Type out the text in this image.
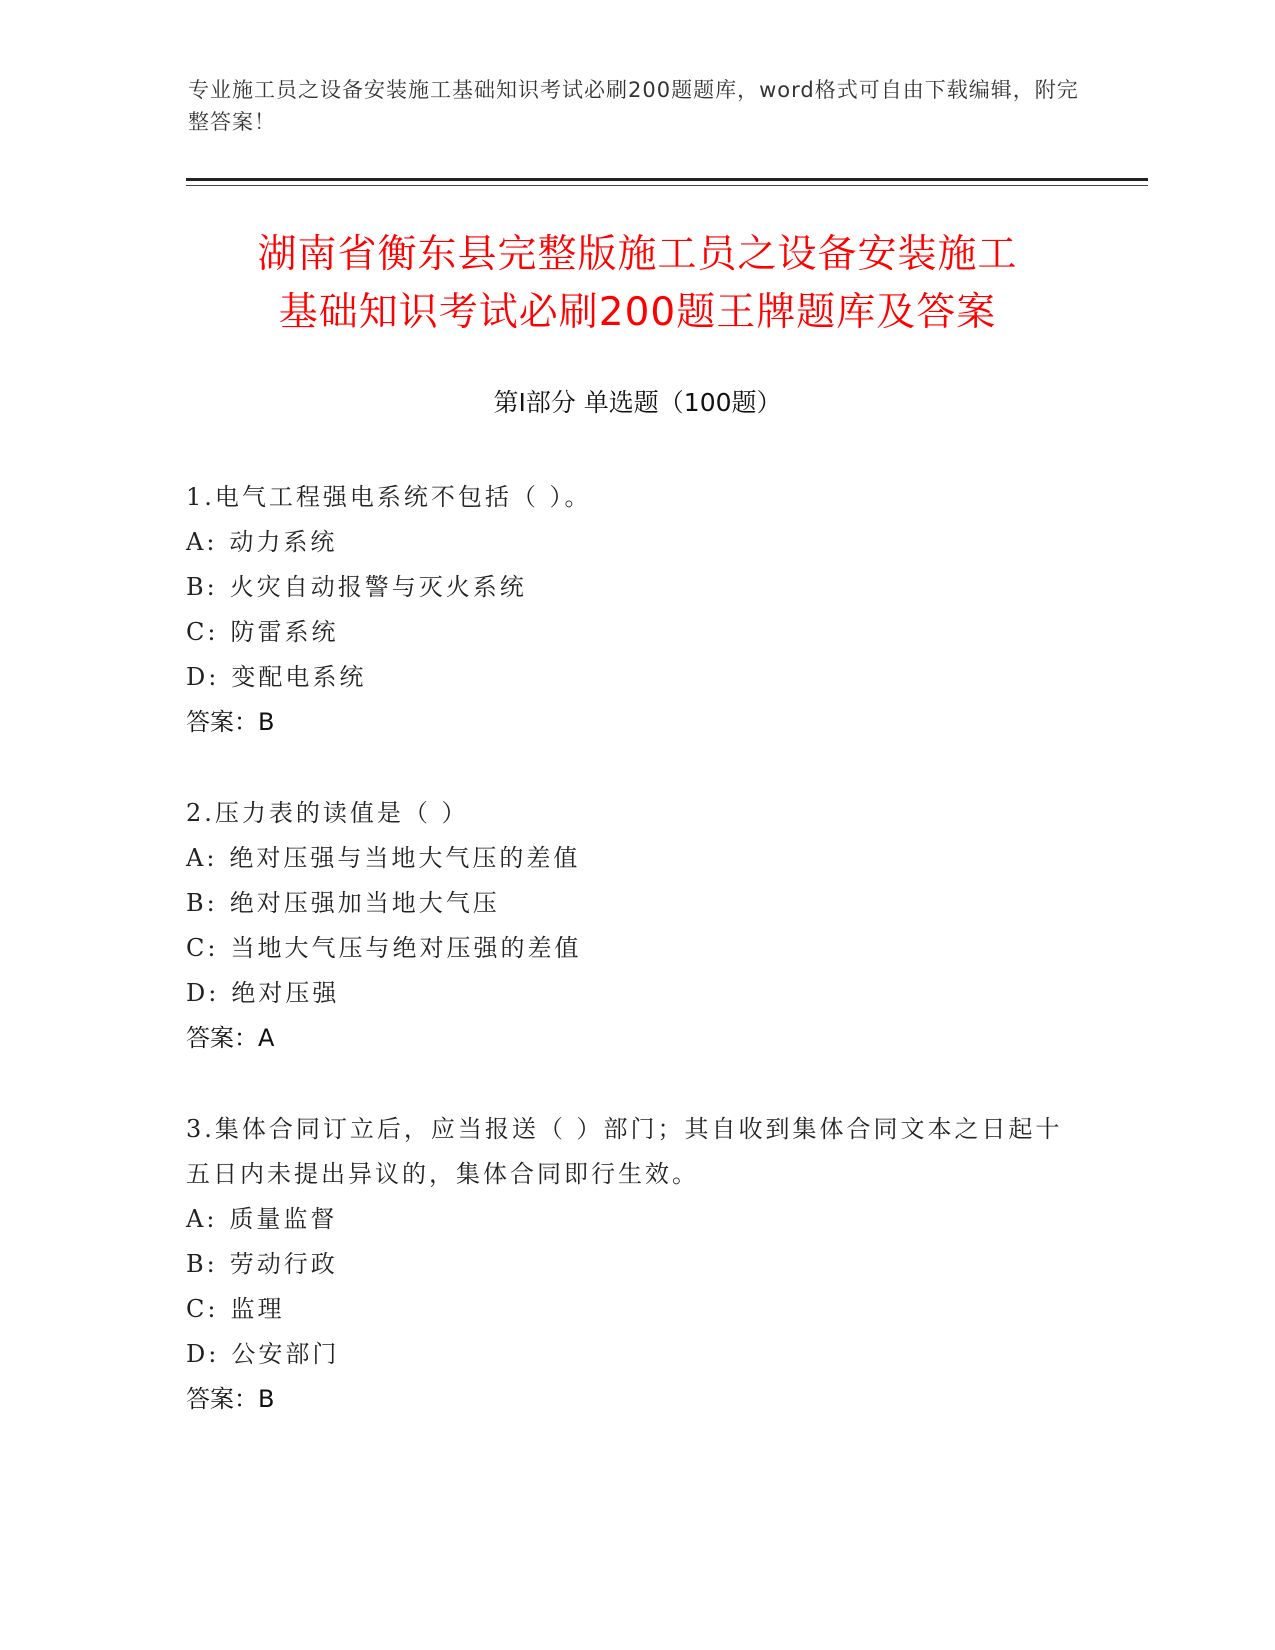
专业施工员之设备安装施工基础知识考试必刷200题题库，word格式可自由下载编辑，附完整答案！
湖南省衡东县完整版施工员之设备安装施工
基础知识考试必刷200题王牌题库及答案
第Ⅰ部分 单选题（100题）
1.电气工程强电系统不包括（ ）。
A: 动力系统
B: 火灾自动报警与灭火系统
C: 防雷系统
D: 变配电系统
答案：B
2.压力表的读值是（ ）
A: 绝对压强与当地大气压的差值
B: 绝对压强加当地大气压
C: 当地大气压与绝对压强的差值
D: 绝对压强
答案：A
3.集体合同订立后，应当报送（ ）部门；其自收到集体合同文本之日起十五日内未提出异议的，集体合同即行生效。
A: 质量监督
B: 劳动行政
C: 监理
D: 公安部门
答案：B
